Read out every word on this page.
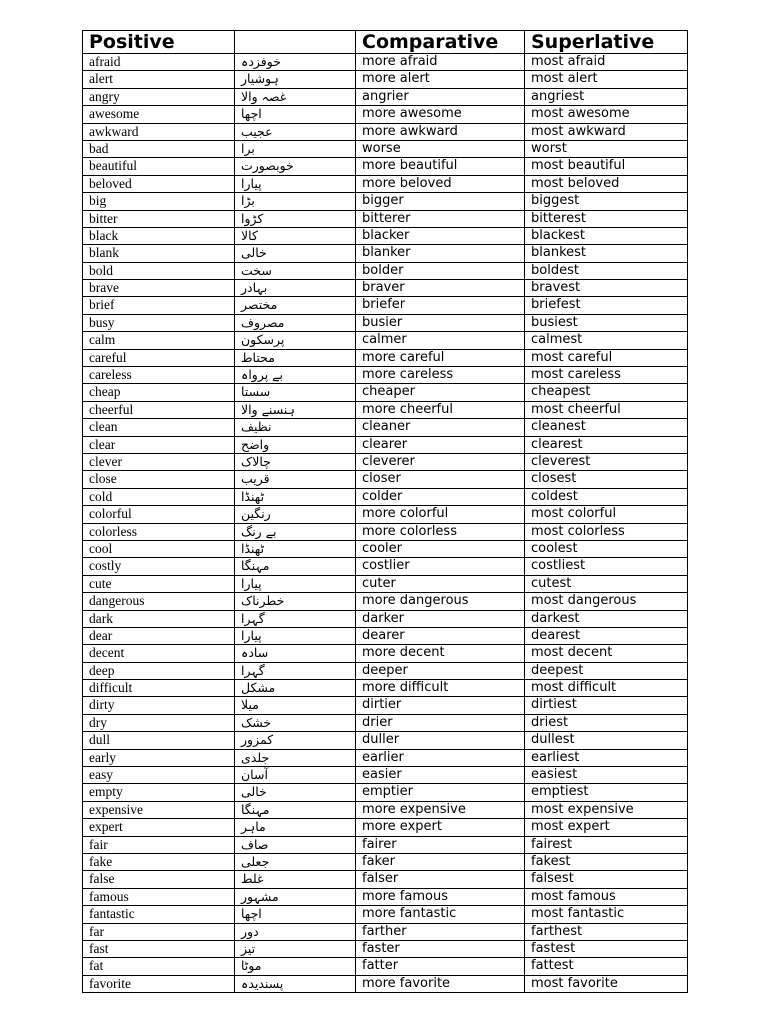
Positive		Comparative	Superlative
afraid	خوفزدہ	more afraid	most afraid
alert	ہوشیار	more alert	most alert
angry	غصہ والا	angrier	angriest
awesome	اچھا	more awesome	most awesome
awkward	عجیب	more awkward	most awkward
bad	برا	worse	worst
beautiful	خوبصورت	more beautiful	most beautiful
beloved	پیارا	more beloved	most beloved
big	بڑا	bigger	biggest
bitter	کڑوا	bitterer	bitterest
black	کالا	blacker	blackest
blank	خالی	blanker	blankest
bold	سخت	bolder	boldest
brave	بہادر	braver	bravest
brief	مختصر	briefer	briefest
busy	مصروف	busier	busiest
calm	پرسکون	calmer	calmest
careful	محتاط	more careful	most careful
careless	بے پرواہ	more careless	most careless
cheap	سستا	cheaper	cheapest
cheerful	ہنسنے والا	more cheerful	most cheerful
clean	نظیف	cleaner	cleanest
clear	واضح	clearer	clearest
clever	چالاک	cleverer	cleverest
close	قریب	closer	closest
cold	ٹھنڈا	colder	coldest
colorful	رنگین	more colorful	most colorful
colorless	بے رنگ	more colorless	most colorless
cool	ٹھنڈا	cooler	coolest
costly	مہنگا	costlier	costliest
cute	پیارا	cuter	cutest
dangerous	خطرناک	more dangerous	most dangerous
dark	گہرا	darker	darkest
dear	پیارا	dearer	dearest
decent	سادہ	more decent	most decent
deep	گہرا	deeper	deepest
difficult	مشکل	more difficult	most difficult
dirty	میلا	dirtier	dirtiest
dry	خشک	drier	driest
dull	کمزور	duller	dullest
early	جلدی	earlier	earliest
easy	آسان	easier	easiest
empty	خالی	emptier	emptiest
expensive	مہنگا	more expensive	most expensive
expert	ماہر	more expert	most expert
fair	صاف	fairer	fairest
fake	جعلی	faker	fakest
false	غلط	falser	falsest
famous	مشہور	more famous	most famous
fantastic	اچھا	more fantastic	most fantastic
far	دور	farther	farthest
fast	تیز	faster	fastest
fat	موٹا	fatter	fattest
favorite	پسندیدہ	more favorite	most favorite
